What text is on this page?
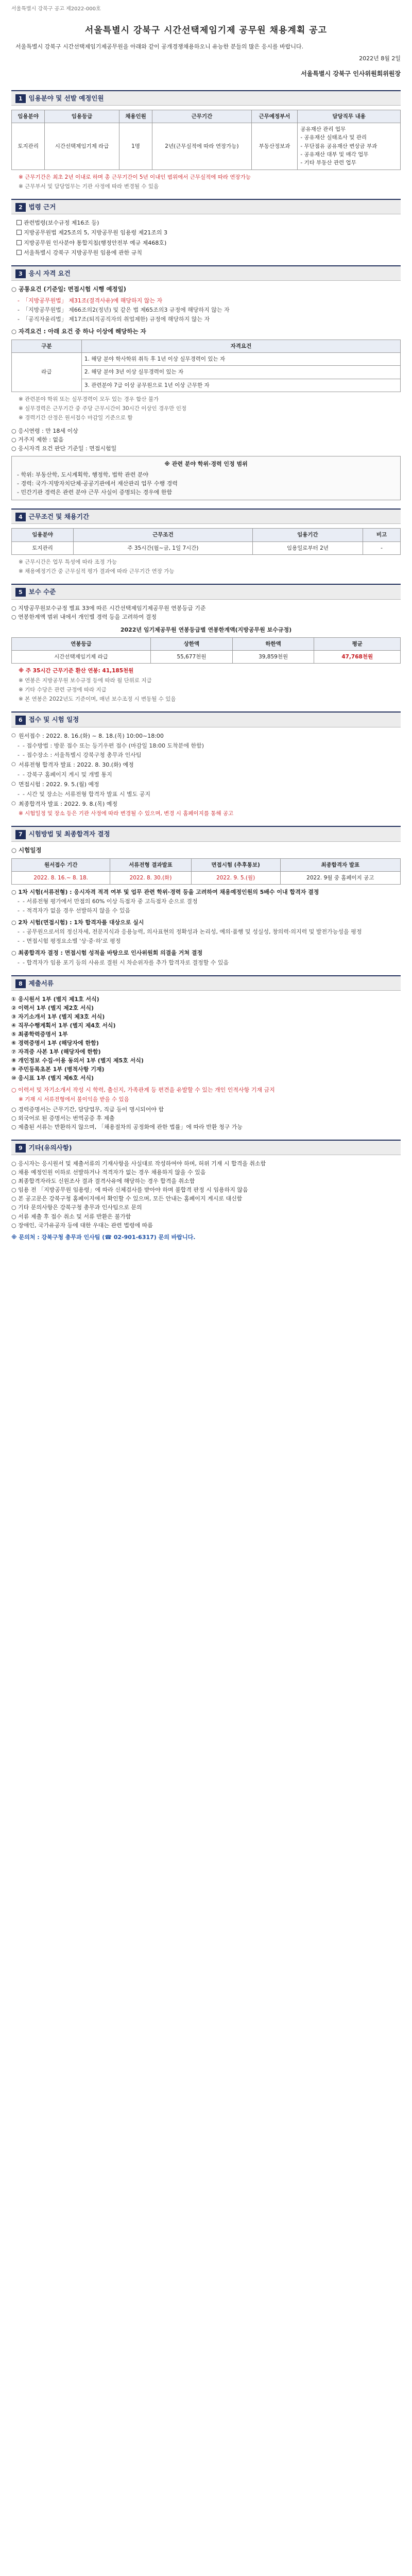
서울특별시 강북구 공고 제2022-000호
서울특별시 강북구 시간선택제임기제 공무원 채용계획 공고
서울특별시 강북구 시간선택제임기제공무원을 아래와 같이 공개경쟁채용하오니 유능한 분들의 많은 응시를 바랍니다.
2022년 8월 2일
서울특별시 강북구 인사위원회위원장
1 임용분야 및 선발 예정인원
임용분야	임용등급	채용인원	근무기간	근무예정부서	담당직무 내용
토지관리	시간선택제임기제 라급	1명	2년(근무실적에 따라 연장가능)	부동산정보과	공유재산 관리 업무
- 공유재산 실태조사 및 관리
- 무단점유 공유재산 변상금 부과
- 공유재산 대부 및 매각 업무
- 기타 부동산 관련 업무
※ 근무기간은 최초 2년 이내로 하며 총 근무기간이 5년 이내인 범위에서 근무실적에 따라 연장가능
※ 근무부서 및 담당업무는 기관 사정에 따라 변경될 수 있음
2 법령 근거
관련법령(보수규정 제16조 등)
지방공무원법 제25조의 5, 지방공무원 임용령 제21조의 3
지방공무원 인사분야 통합지침(행정안전부 예규 제468호)
서울특별시 강북구 지방공무원 임용에 관한 규칙
3 응시 자격 요건
○ 공통요건 (기준일: 면접시험 시행 예정일)
- 「지방공무원법」 제31조(결격사유)에 해당하지 않는 자
- 「지방공무원법」 제66조의2(정년) 및 같은 법 제65조의3 규정에 해당하지 않는 자
- 「공직자윤리법」 제17조(퇴직공직자의 취업제한) 규정에 해당하지 않는 자
○ 자격요건 : 아래 요건 중 하나 이상에 해당하는 자
구분	자격요건
라급	1. 해당 분야 학사학위 취득 후 1년 이상 실무경력이 있는 자
	2. 해당 분야 3년 이상 실무경력이 있는 자
	3. 관련분야 7급 이상 공무원으로 1년 이상 근무한 자
※ 관련분야 학위 또는 실무경력이 모두 있는 경우 합산 불가
※ 실무경력은 근무기간 중 주당 근무시간이 30시간 이상인 경우만 인정
※ 경력기간 산정은 원서접수 마감일 기준으로 함
○ 응시연령 : 만 18세 이상
○ 거주지 제한 : 없음
○ 응시자격 요건 판단 기준일 : 면접시험일
※ 관련 분야 학위·경력 인정 범위
- 학위: 부동산학, 도시계획학, 행정학, 법학 관련 분야
- 경력: 국가·지방자치단체·공공기관에서 재산관리 업무 수행 경력
- 민간기관 경력은 관련 분야 근무 사실이 증명되는 경우에 한함
4 근무조건 및 채용기간
임용분야	근무조건	임용기간	비고
토지관리	주 35시간(월~금, 1일 7시간)	임용일로부터 2년	-
※ 근무시간은 업무 특성에 따라 조정 가능
※ 채용예정기간 중 근무실적 평가 결과에 따라 근무기간 연장 가능
5 보수 수준
○ 지방공무원보수규정 별표 33에 따른 시간선택제임기제공무원 연봉등급 기준
○ 연봉한계액 범위 내에서 개인별 경력 등을 고려하여 결정
2022년 임기제공무원 연봉등급별 연봉한계액(지방공무원 보수규정)
연봉등급	상한액	하한액	평균
시간선택제임기제 라급	55,677천원	39,859천원	47,768천원
※ 주 35시간 근무기준 환산 연봉: 41,185천원
※ 연봉은 지방공무원 보수규정 등에 따라 월 단위로 지급
※ 기타 수당은 관련 규정에 따라 지급
※ 본 연봉은 2022년도 기준이며, 매년 보수조정 시 변동될 수 있음
6 접수 및 시험 일정
○ 원서접수 : 2022. 8. 16.(화) ~ 8. 18.(목) 10:00~18:00
- - 접수방법 : 방문 접수 또는 등기우편 접수 (마감일 18:00 도착분에 한함)
- - 접수장소 : 서울특별시 강북구청 총무과 인사팀
○ 서류전형 합격자 발표 : 2022. 8. 30.(화) 예정
- - 강북구 홈페이지 게시 및 개별 통지
○ 면접시험 : 2022. 9. 5.(월) 예정
- - 시간 및 장소는 서류전형 합격자 발표 시 별도 공지
○ 최종합격자 발표 : 2022. 9. 8.(목) 예정
※ 시험일정 및 장소 등은 기관 사정에 따라 변경될 수 있으며, 변경 시 홈페이지를 통해 공고
7 시험방법 및 최종합격자 결정
○ 시험일정
원서접수 기간	서류전형 결과발표	면접시험 (추후통보)	최종합격자 발표
2022. 8. 16.~ 8. 18.	2022. 8. 30.(화)	2022. 9. 5.(월)	2022. 9월 중 홈페이지 공고
○ 1차 시험(서류전형) : 응시자격 적격 여부 및 업무 관련 학위·경력 등을 고려하여 채용예정인원의 5배수 이내 합격자 결정
- - 서류전형 평가에서 만점의 60% 이상 득점자 중 고득점자 순으로 결정
- - 적격자가 없을 경우 선발하지 않을 수 있음
○ 2차 시험(면접시험) : 1차 합격자를 대상으로 실시
- - 공무원으로서의 정신자세, 전문지식과 응용능력, 의사표현의 정확성과 논리성, 예의·품행 및 성실성, 창의력·의지력 및 발전가능성을 평정
- - 면접시험 평정요소별 '상·중·하'로 평정
○ 최종합격자 결정 : 면접시험 성적을 바탕으로 인사위원회 의결을 거쳐 결정
- - 합격자가 임용 포기 등의 사유로 결원 시 차순위자를 추가 합격자로 결정할 수 있음
8 제출서류
① 응시원서 1부 (별지 제1호 서식)
② 이력서 1부 (별지 제2호 서식)
③ 자기소개서 1부 (별지 제3호 서식)
④ 직무수행계획서 1부 (별지 제4호 서식)
⑤ 최종학력증명서 1부
⑥ 경력증명서 1부 (해당자에 한함)
⑦ 자격증 사본 1부 (해당자에 한함)
⑧ 개인정보 수집·이용 동의서 1부 (별지 제5호 서식)
⑨ 주민등록초본 1부 (병적사항 기재)
⑩ 응시표 1부 (별지 제6호 서식)
○ 이력서 및 자기소개서 작성 시 학력, 출신지, 가족관계 등 편견을 유발할 수 있는 개인 인적사항 기재 금지
※ 기재 시 서류전형에서 불이익을 받을 수 있음
○ 경력증명서는 근무기간, 담당업무, 직급 등이 명시되어야 함
○ 외국어로 된 증명서는 번역공증 후 제출
○ 제출된 서류는 반환하지 않으며, 「채용절차의 공정화에 관한 법률」에 따라 반환 청구 가능
9 기타(유의사항)
○ 응시자는 응시원서 및 제출서류의 기재사항을 사실대로 작성하여야 하며, 허위 기재 시 합격을 취소함
○ 채용 예정인원 이하로 선발하거나 적격자가 없는 경우 채용하지 않을 수 있음
○ 최종합격자라도 신원조사 결과 결격사유에 해당하는 경우 합격을 취소함
○ 임용 전 「지방공무원 임용령」에 따라 신체검사를 받아야 하며 불합격 판정 시 임용하지 않음
○ 본 공고문은 강북구청 홈페이지에서 확인할 수 있으며, 모든 안내는 홈페이지 게시로 대신함
○ 기타 문의사항은 강북구청 총무과 인사팀으로 문의
○ 서류 제출 후 접수 취소 및 서류 반환은 불가함
○ 장애인, 국가유공자 등에 대한 우대는 관련 법령에 따름
※ 문의처 : 강북구청 총무과 인사팀 (☎ 02-901-6317) 문의 바랍니다.
